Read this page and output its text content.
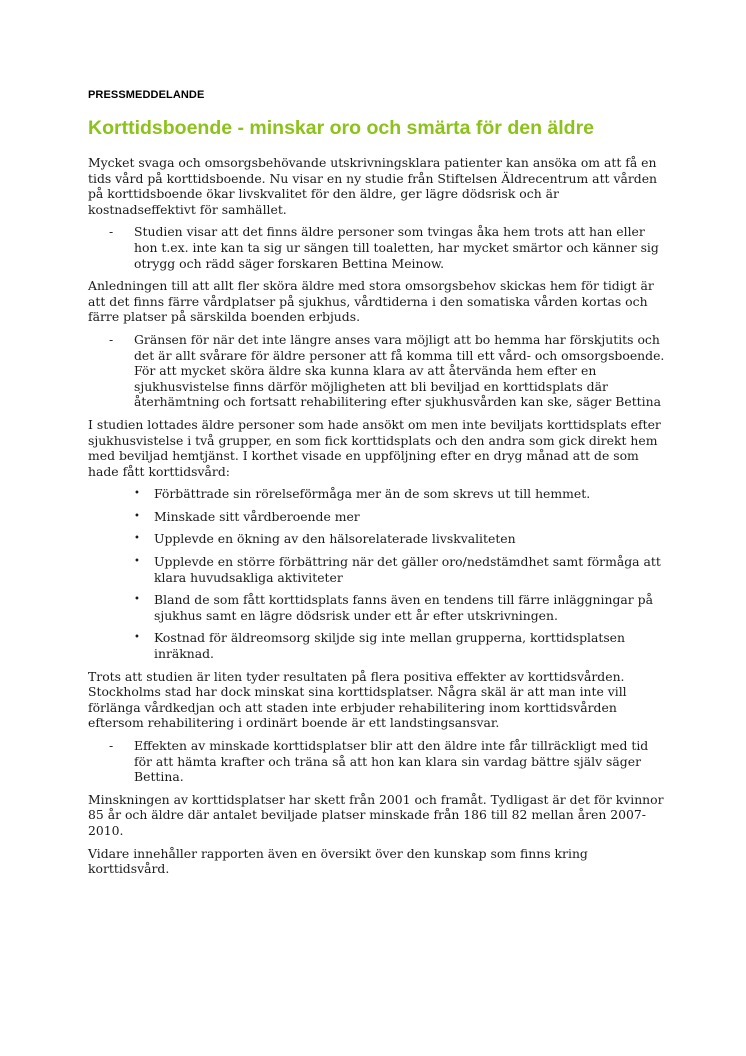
PRESSMEDDELANDE
Korttidsboende - minskar oro och smärta för den äldre

Mycket svaga och omsorgsbehövande utskrivningsklara patienter kan ansöka om att få en tids vård på korttidsboende. Nu visar en ny studie från Stiftelsen Äldrecentrum att vården på korttidsboende ökar livskvalitet för den äldre, ger lägre dödsrisk och är kostnadseffektivt för samhället.

- Studien visar att det finns äldre personer som tvingas åka hem trots att han eller hon t.ex. inte kan ta sig ur sängen till toaletten, har mycket smärtor och känner sig otrygg och rädd säger forskaren Bettina Meinow.

Anledningen till att allt fler sköra äldre med stora omsorgsbehov skickas hem för tidigt är att det finns färre vårdplatser på sjukhus, vårdtiderna i den somatiska vården kortas och färre platser på särskilda boenden erbjuds.

- Gränsen för när det inte längre anses vara möjligt att bo hemma har förskjutits och det är allt svårare för äldre personer att få komma till ett vård- och omsorgsboende. För att mycket sköra äldre ska kunna klara av att återvända hem efter en sjukhusvistelse finns därför möjligheten att bli beviljad en korttidsplats där återhämtning och fortsatt rehabilitering efter sjukhusvården kan ske, säger Bettina

I studien lottades äldre personer som hade ansökt om men inte beviljats korttidsplats efter sjukhusvistelse i två grupper, en som fick korttidsplats och den andra som gick direkt hem med beviljad hemtjänst. I korthet visade en uppföljning efter en dryg månad att de som hade fått korttidsvård:

• Förbättrade sin rörelseförmåga mer än de som skrevs ut till hemmet.
• Minskade sitt vårdberoende mer
• Upplevde en ökning av den hälsorelaterade livskvaliteten
• Upplevde en större förbättring när det gäller oro/nedstämdhet samt förmåga att klara huvudsakliga aktiviteter
• Bland de som fått korttidsplats fanns även en tendens till färre inläggningar på sjukhus samt en lägre dödsrisk under ett år efter utskrivningen.
• Kostnad för äldreomsorg skiljde sig inte mellan grupperna, korttidsplatsen inräknad.

Trots att studien är liten tyder resultaten på flera positiva effekter av korttidsvården. Stockholms stad har dock minskat sina korttidsplatser. Några skäl är att man inte vill förlänga vårdkedjan och att staden inte erbjuder rehabilitering inom korttidsvården eftersom rehabilitering i ordinärt boende är ett landstingsansvar.

- Effekten av minskade korttidsplatser blir att den äldre inte får tillräckligt med tid för att hämta krafter och träna så att hon kan klara sin vardag bättre själv säger Bettina.

Minskningen av korttidsplatser har skett från 2001 och framåt. Tydligast är det för kvinnor 85 år och äldre där antalet beviljade platser minskade från 186 till 82 mellan åren 2007-2010.

Vidare innehåller rapporten även en översikt över den kunskap som finns kring korttidsvård.
